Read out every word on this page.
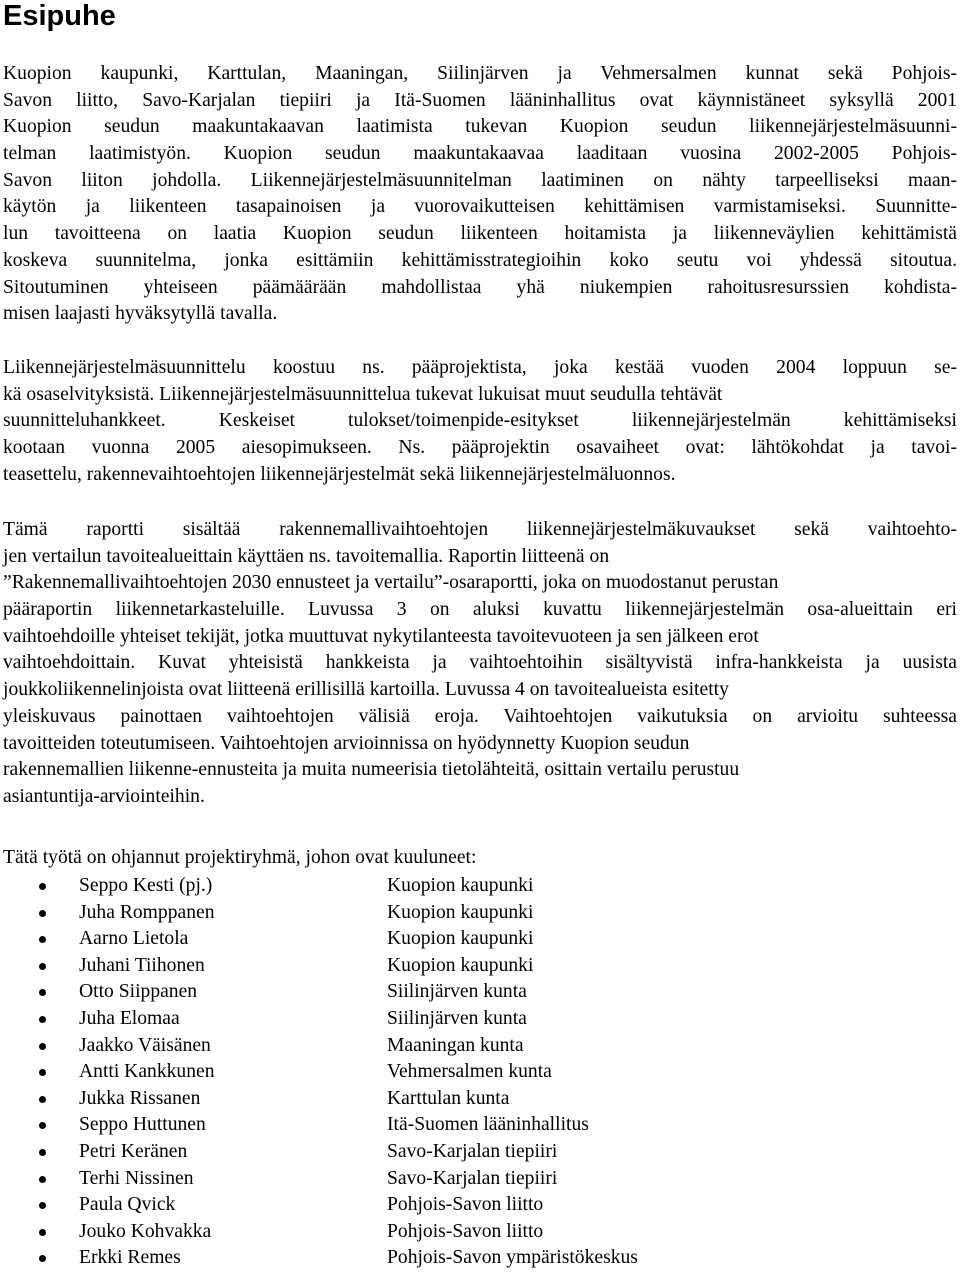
Esipuhe
Kuopion kaupunki, Karttulan, Maaningan, Siilinjärven ja Vehmersalmen kunnat sekä Pohjois-
Savon liitto, Savo-Karjalan tiepiiri ja Itä-Suomen lääninhallitus ovat käynnistäneet syksyllä 2001
Kuopion seudun maakuntakaavan laatimista tukevan Kuopion seudun liikennejärjestelmäsuunni-
telman laatimistyön. Kuopion seudun maakuntakaavaa laaditaan vuosina 2002-2005 Pohjois-
Savon liiton johdolla. Liikennejärjestelmäsuunnitelman laatiminen on nähty tarpeelliseksi maan-
käytön ja liikenteen tasapainoisen ja vuorovaikutteisen kehittämisen varmistamiseksi. Suunnitte-
lun tavoitteena on laatia Kuopion seudun liikenteen hoitamista ja liikenneväylien kehittämistä
koskeva suunnitelma, jonka esittämiin kehittämisstrategioihin koko seutu voi yhdessä sitoutua.
Sitoutuminen yhteiseen päämäärään mahdollistaa yhä niukempien rahoitusresurssien kohdista-
misen laajasti hyväksytyllä tavalla.
Liikennejärjestelmäsuunnittelu koostuu ns. pääprojektista, joka kestää vuoden 2004 loppuun se-
kä osaselvityksistä. Liikennejärjestelmäsuunnittelua tukevat lukuisat muut seudulla tehtävät
suunnitteluhankkeet. Keskeiset tulokset/toimenpide-esitykset liikennejärjestelmän kehittämiseksi
kootaan vuonna 2005 aiesopimukseen. Ns. pääprojektin osavaiheet ovat: lähtökohdat ja tavoi-
teasettelu, rakennevaihtoehtojen liikennejärjestelmät sekä liikennejärjestelmäluonnos.
Tämä raportti sisältää rakennemallivaihtoehtojen liikennejärjestelmäkuvaukset sekä vaihtoehto-
jen vertailun tavoitealueittain käyttäen ns. tavoitemallia. Raportin liitteenä on
”Rakennemallivaihtoehtojen 2030 ennusteet ja vertailu”-osaraportti, joka on muodostanut perustan
pääraportin liikennetarkasteluille. Luvussa 3 on aluksi kuvattu liikennejärjestelmän osa-alueittain eri
vaihtoehdoille yhteiset tekijät, jotka muuttuvat nykytilanteesta tavoitevuoteen ja sen jälkeen erot
vaihtoehdoittain. Kuvat yhteisistä hankkeista ja vaihtoehtoihin sisältyvistä infra-hankkeista ja uusista
joukkoliikennelinjoista ovat liitteenä erillisillä kartoilla. Luvussa 4 on tavoitealueista esitetty
yleiskuvaus painottaen vaihtoehtojen välisiä eroja. Vaihtoehtojen vaikutuksia on arvioitu suhteessa
tavoitteiden toteutumiseen. Vaihtoehtojen arvioinnissa on hyödynnetty Kuopion seudun
rakennemallien liikenne-ennusteita ja muita numeerisia tietolähteitä, osittain vertailu perustuu
asiantuntija-arviointeihin.
Tätä työtä on ohjannut projektiryhmä, johon ovat kuuluneet:
Seppo Kesti (pj.)	Kuopion kaupunki
Juha Romppanen	Kuopion kaupunki
Aarno Lietola	Kuopion kaupunki
Juhani Tiihonen	Kuopion kaupunki
Otto Siippanen	Siilinjärven kunta
Juha Elomaa	Siilinjärven kunta
Jaakko Väisänen	Maaningan kunta
Antti Kankkunen	Vehmersalmen kunta
Jukka Rissanen	Karttulan kunta
Seppo Huttunen	Itä-Suomen lääninhallitus
Petri Keränen	Savo-Karjalan tiepiiri
Terhi Nissinen	Savo-Karjalan tiepiiri
Paula Qvick	Pohjois-Savon liitto
Jouko Kohvakka	Pohjois-Savon liitto
Erkki Remes	Pohjois-Savon ympäristökeskus
